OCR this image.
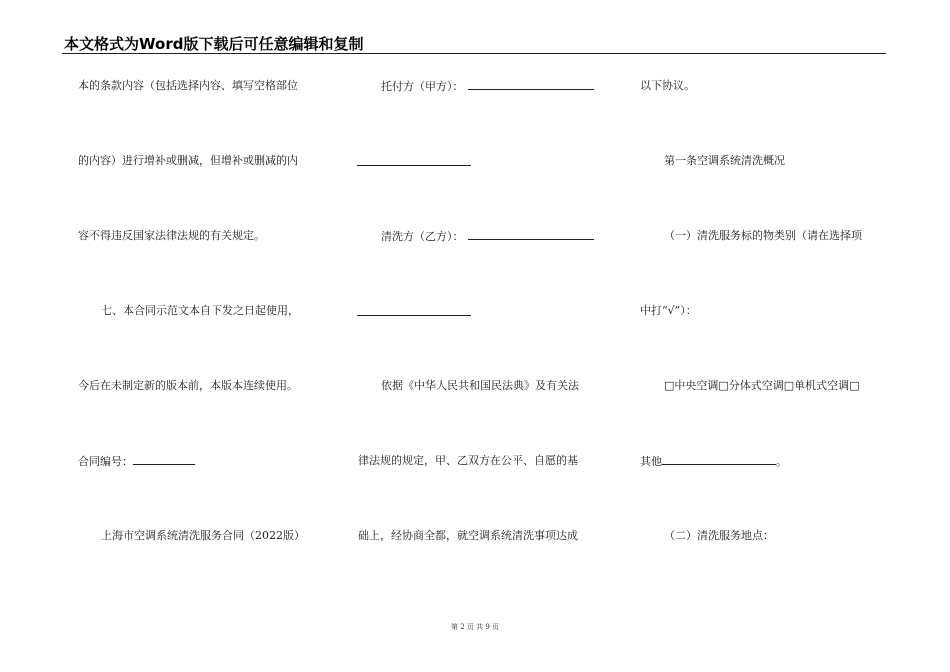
本文格式为Word版下载后可任意编辑和复制
本的条款内容（包括选择内容、填写空格部位
的内容）进行增补或删减，但增补或删减的内
容不得违反国家法律法规的有关规定。
七、本合同示范文本自下发之日起使用，
今后在未制定新的版本前，本版本连续使用。
合同编号：
上海市空调系统清洗服务合同（2022版）
托付方（甲方）：
清洗方（乙方）：
依据《中华人民共和国民法典》及有关法
律法规的规定，甲、乙双方在公平、自愿的基
础上，经协商全都，就空调系统清洗事项达成
以下协议。
第一条空调系统清洗概况
（一）清洗服务标的物类别（请在选择项
中打“√”）：
□中央空调□分体式空调□单机式空调□
其他	。
（二）清洗服务地点：
第 2 页 共 9 页
